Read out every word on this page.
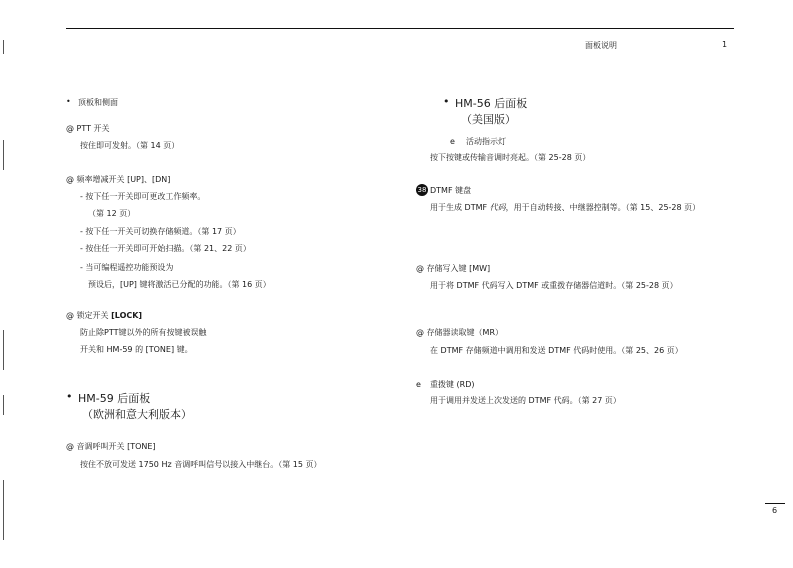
面板说明	1
• 顶板和侧面
@ PTT 开关
按住即可发射。（第 14 页）
@ 频率增减开关 [UP]、[DN]
- 按下任一开关即可更改工作频率。
（第 12 页）
- 按下任一开关可切换存储频道。（第 17 页）
- 按住任一开关即可开始扫描。（第 21、22 页）
- 当可编程遥控功能预设为
预设后，[UP] 键将激活已分配的功能。（第 16 页）
@ 锁定开关 [LOCK]
防止除PTT键以外的所有按键被误触
开关和 HM-59 的 [TONE] 键。
• HM-59 后面板
（欧洲和意大利版本）
@ 音调呼叫开关 [TONE]
按住不放可发送 1750 Hz 音调呼叫信号以接入中继台。（第 15 页）
• HM-56 后面板
（美国版）
e 活动指示灯
按下按键或传输音调时亮起。（第 25-28 页）
38 DTMF 键盘
用于生成 DTMF 代码，用于自动转接、中继器控制等。（第 15、25-28 页）
@ 存储写入键 [MW]
用于将 DTMF 代码写入 DTMF 或重拨存储器信道时。（第 25-28 页）
@ 存储器读取键（MR）
在 DTMF 存储频道中调用和发送 DTMF 代码时使用。（第 25、26 页）
e 重拨键 (RD)
用于调用并发送上次发送的 DTMF 代码。（第 27 页）
6
